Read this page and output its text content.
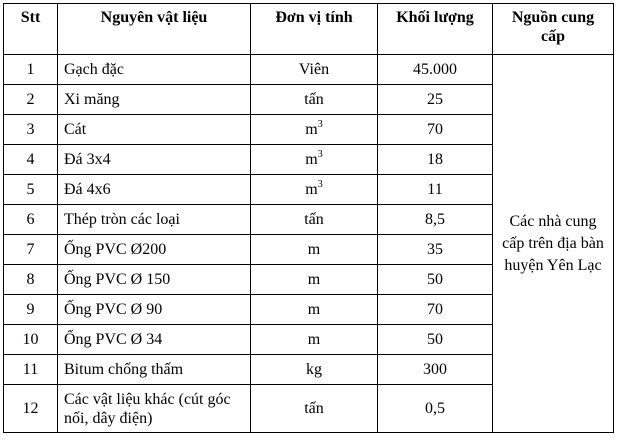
Stt	Nguyên vật liệu	Đơn vị tính	Khối lượng	Nguồn cung cấp
1	Gạch đặc	Viên	45.000	Các nhà cung cấp trên địa bàn huyện Yên Lạc
2	Xi măng	tấn	25	
3	Cát	$m^3$	70	
4	Đá 3x4	$m^3$	18	
5	Đá 4x6	$m^3$	11	
6	Thép tròn các loại	tấn	8,5	
7	Ống PVC Ø200	m	35	
8	Ống PVC Ø 150	m	50	
9	Ống PVC Ø 90	m	70	
10	Ống PVC Ø 34	m	50	
11	Bitum chống thấm	kg	300	
12	Các vật liệu khác (cút góc nối, dây điện)	tấn	0,5	
